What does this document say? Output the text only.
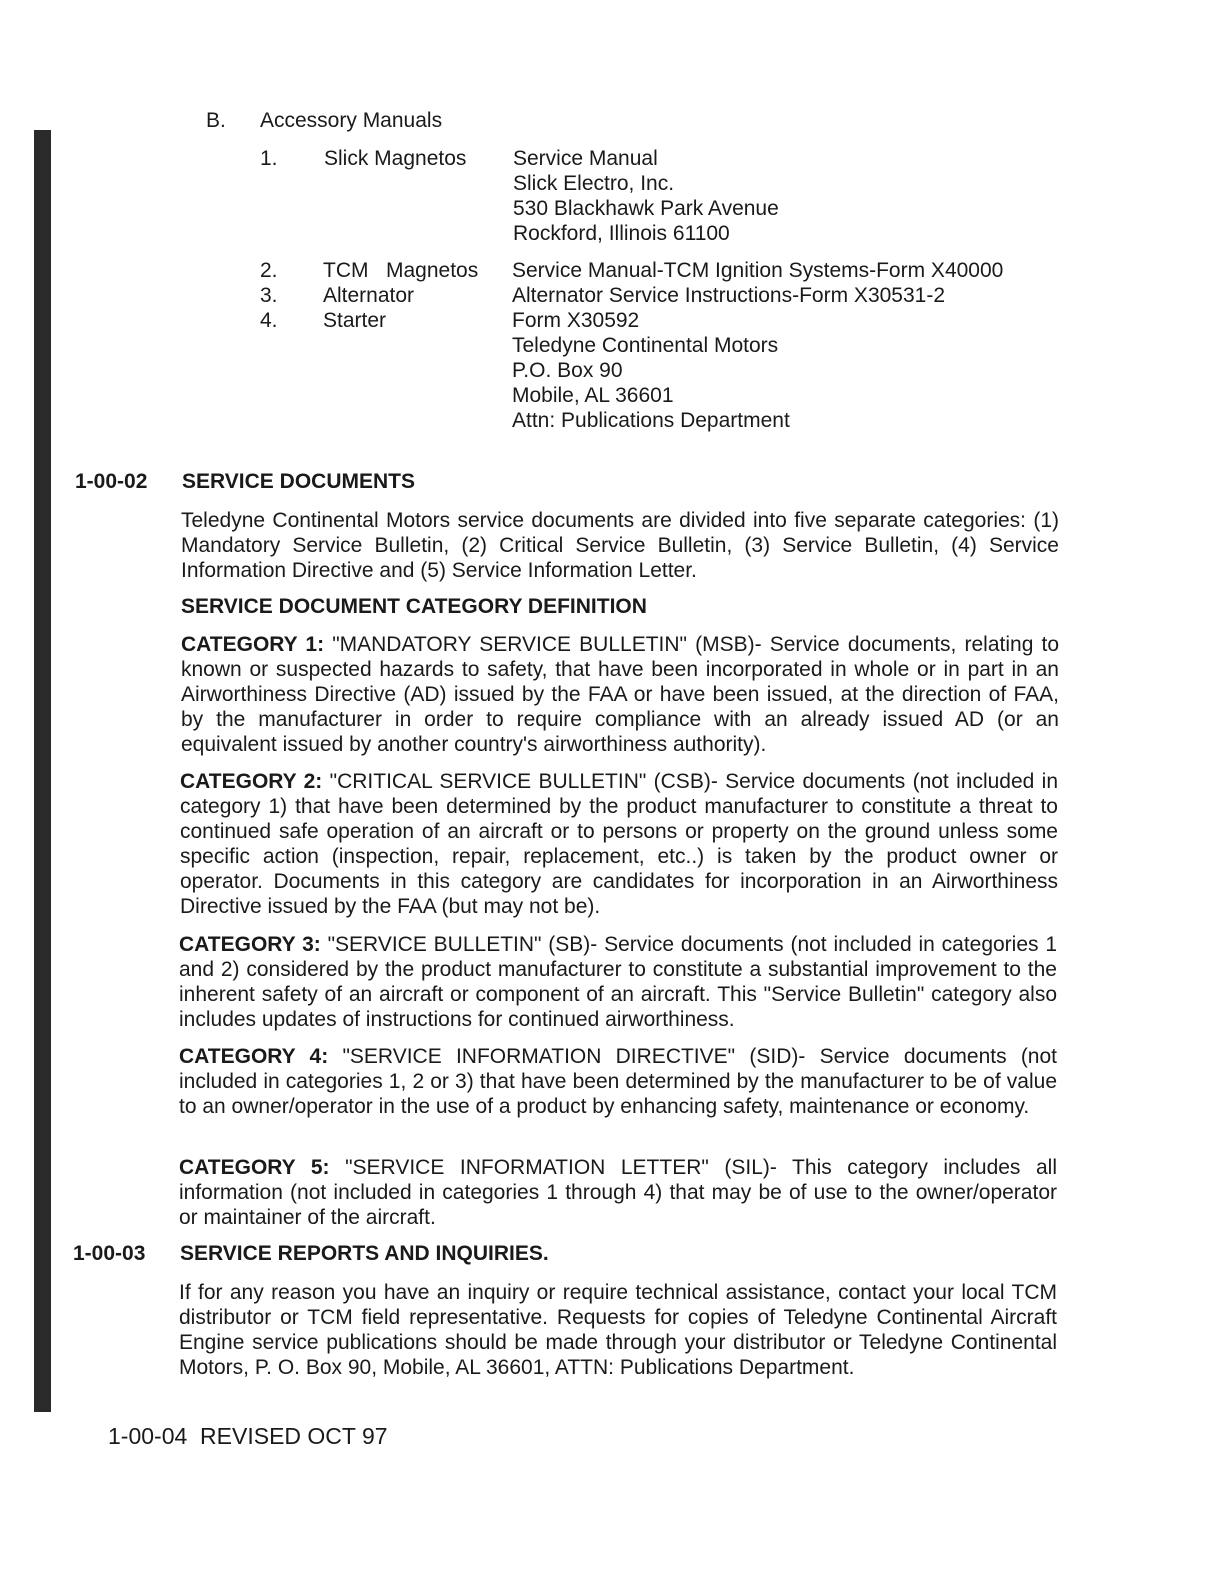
B. Accessory Manuals
1. Slick Magnetos Service Manual
Slick Electro, Inc.
530 Blackhawk Park Avenue
Rockford, Illinois 61100
2. TCM   Magnetos Service Manual-TCM Ignition Systems-Form X40000
3. Alternator	Alternator Service Instructions-Form X30531-2
4. Starter	Form X30592
Teledyne Continental Motors
P.O. Box 90
Mobile, AL 36601
Attn: Publications Department
1-00-02 SERVICE DOCUMENTS
Teledyne Continental Motors service documents are divided into five separate categories: (1) Mandatory Service Bulletin, (2) Critical Service Bulletin, (3) Service Bulletin, (4) Service Information Directive and (5) Service Information Letter.
SERVICE DOCUMENT CATEGORY DEFINITION
CATEGORY 1: "MANDATORY SERVICE BULLETIN" (MSB)- Service documents, relating to known or suspected hazards to safety, that have been incorporated in whole or in part in an Airworthiness Directive (AD) issued by the FAA or have been issued, at the direction of FAA, by the manufacturer in order to require compliance with an already issued AD (or an equivalent issued by another country's airworthiness authority).
CATEGORY 2: "CRITICAL SERVICE BULLETIN" (CSB)- Service documents (not included in category 1) that have been determined by the product manufacturer to constitute a threat to continued safe operation of an aircraft or to persons or property on the ground unless some specific action (inspection, repair, replacement, etc..) is taken by the product owner or operator. Documents in this category are candidates for incorporation in an Airworthiness Directive issued by the FAA (but may not be).
CATEGORY 3: "SERVICE BULLETIN" (SB)- Service documents (not included in categories 1 and 2) considered by the product manufacturer to constitute a substantial improvement to the inherent safety of an aircraft or component of an aircraft. This "Service Bulletin" category also includes updates of instructions for continued airworthiness.
CATEGORY 4: "SERVICE INFORMATION DIRECTIVE" (SID)- Service documents (not included in categories 1, 2 or 3) that have been determined by the manufacturer to be of value to an owner/operator in the use of a product by enhancing safety, maintenance or economy.
CATEGORY 5: "SERVICE INFORMATION LETTER" (SIL)- This category includes all information (not included in categories 1 through 4) that may be of use to the owner/operator or maintainer of the aircraft.
1-00-03 SERVICE REPORTS AND INQUIRIES.
If for any reason you have an inquiry or require technical assistance, contact your local TCM distributor or TCM field representative. Requests for copies of Teledyne Continental Aircraft Engine service publications should be made through your distributor or Teledyne Continental Motors, P. O. Box 90, Mobile, AL 36601, ATTN: Publications Department.
1-00-04  REVISED OCT 97
